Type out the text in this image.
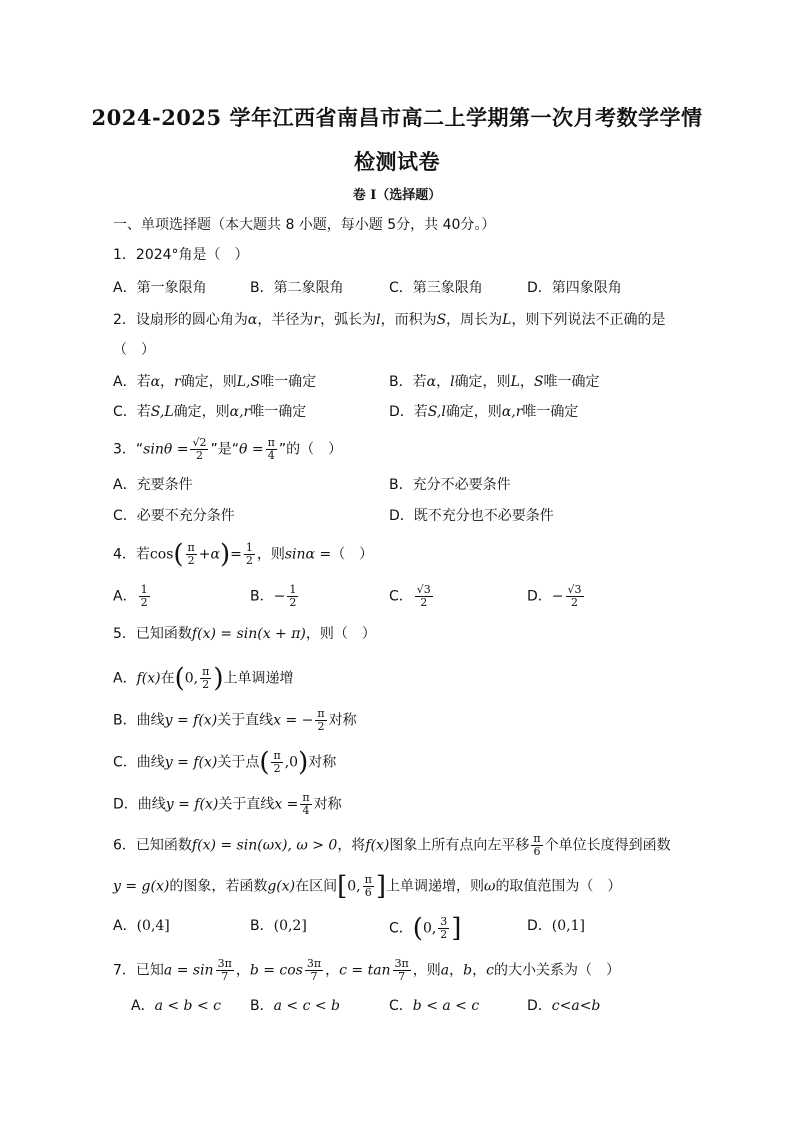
2024-2025 学年江西省南昌市高二上学期第一次月考数学学情
检测试卷
卷 I（选择题）
一、单项选择题（本大题共 8 小题，每小题 5分，共 40分。）
1．2024°角是（　）
A．第一象限角	B．第二象限角	C．第三象限角	D．第四象限角
2．设扇形的圆心角为α，半径为r，弧长为l，而积为S，周长为L，则下列说法不正确的是
（　）
A．若α，r确定，则L,S唯一确定	B．若α，l确定，则L，S唯一确定
C．若S,L确定，则α,r唯一确定	D．若S,l确定，则α,r唯一确定
3．“$\sin\theta = \frac{√2}{2}$ ”是“$\theta = \frac{\pi}{4}$ ”的（　）
A．充要条件	B．充分不必要条件
C．必要不充分条件	D．既不充分也不必要条件
4．若$\cos( \frac{\pi}{2} +\alpha)= \frac{1}{2}$ ，则sinα =（　）
A． $\frac{1}{2}$	B．− $\frac{1}{2}$	C． $\frac{√3}{2}$	D．− $\frac{√3}{2}$
5．已知函数f(x) = sin(x + π)，则（　）
A．f(x)在(0, $\frac{\pi}{2}$ )上单调递增
B．曲线y = f(x)关于直线x = − $\frac{\pi}{2}$ 对称
C．曲线y = f(x)关于点( $\frac{\pi}{2} ,0$)对称
D．曲线y = f(x)关于直线$x = \frac{\pi}{4}$ 对称
6．已知函数f(x) = sin(ωx), ω > 0，将f(x)图象上所有点向左平移 $\frac{\pi}{6}$ 个单位长度得到函数
y = g(x)的图象，若函数g(x)在区间[0, $\frac{\pi}{6}$ ]上单调递增，则ω的取值范围为（　）
A．(0,4]	B．(0,2]	C．(0, $\frac{3}{2}$ ]	D．(0,1]
7．已知$a = \sin \frac{3\pi}{7}$ ，$b = \cos \frac{3\pi}{7}$ ，$c = \tan \frac{3\pi}{7}$ ，则a，b，c的大小关系为（　）
A．a < b < c B．a < c < b	C．b < a < c	D．c<a<b
